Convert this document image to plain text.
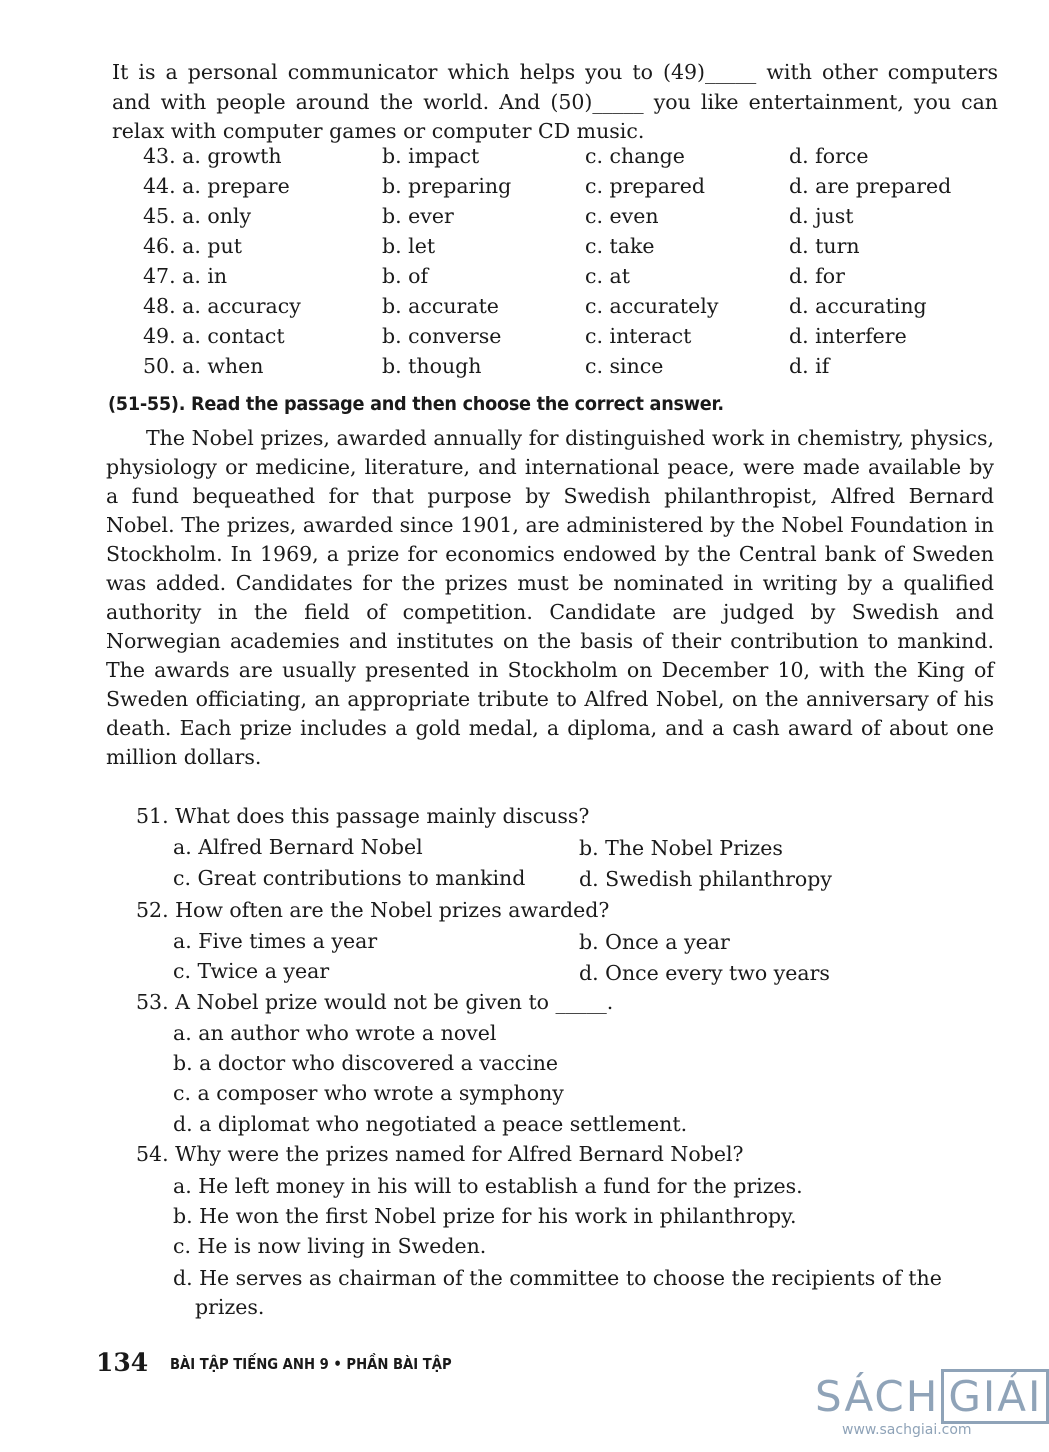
It is a personal communicator which helps you to (49)_____ with other computers and with people around the world. And (50)_____ you like entertainment, you can relax with computer games or computer CD music.
43. a. growth	b. impact	c. change	d. force
44. a. prepare	b. preparing	c. prepared	d. are prepared
45. a. only	b. ever	c. even	d. just
46. a. put	b. let	c. take	d. turn
47. a. in	b. of	c. at	d. for
48. a. accuracy	b. accurate	c. accurately	d. accurating
49. a. contact	b. converse	c. interact	d. interfere
50. a. when	b. though	c. since	d. if
(51-55). Read the passage and then choose the correct answer.
The Nobel prizes, awarded annually for distinguished work in chemistry, physics, physiology or medicine, literature, and international peace, were made available by a fund bequeathed for that purpose by Swedish philanthropist, Alfred Bernard Nobel. The prizes, awarded since 1901, are administered by the Nobel Foundation in Stockholm. In 1969, a prize for economics endowed by the Central bank of Sweden was added. Candidates for the prizes must be nominated in writing by a qualified authority in the field of competition. Candidate are judged by Swedish and Norwegian academies and institutes on the basis of their contribution to mankind. The awards are usually presented in Stockholm on December 10, with the King of Sweden officiating, an appropriate tribute to Alfred Nobel, on the anniversary of his death. Each prize includes a gold medal, a diploma, and a cash award of about one million dollars.
51. What does this passage mainly discuss?
a. Alfred Bernard Nobel	b. The Nobel Prizes
c. Great contributions to mankind	d. Swedish philanthropy
52. How often are the Nobel prizes awarded?
a. Five times a year	b. Once a year
c. Twice a year	d. Once every two years
53. A Nobel prize would not be given to _____.
a. an author who wrote a novel
b. a doctor who discovered a vaccine
c. a composer who wrote a symphony
d. a diplomat who negotiated a peace settlement.
54. Why were the prizes named for Alfred Bernard Nobel?
a. He left money in his will to establish a fund for the prizes.
b. He won the first Nobel prize for his work in philanthropy.
c. He is now living in Sweden.
d. He serves as chairman of the committee to choose the recipients of the prizes.
134 BÀI TẬP TIẾNG ANH 9 • PHẦN BÀI TẬP
SÁCH GIẢI
www.sachgiai.com
